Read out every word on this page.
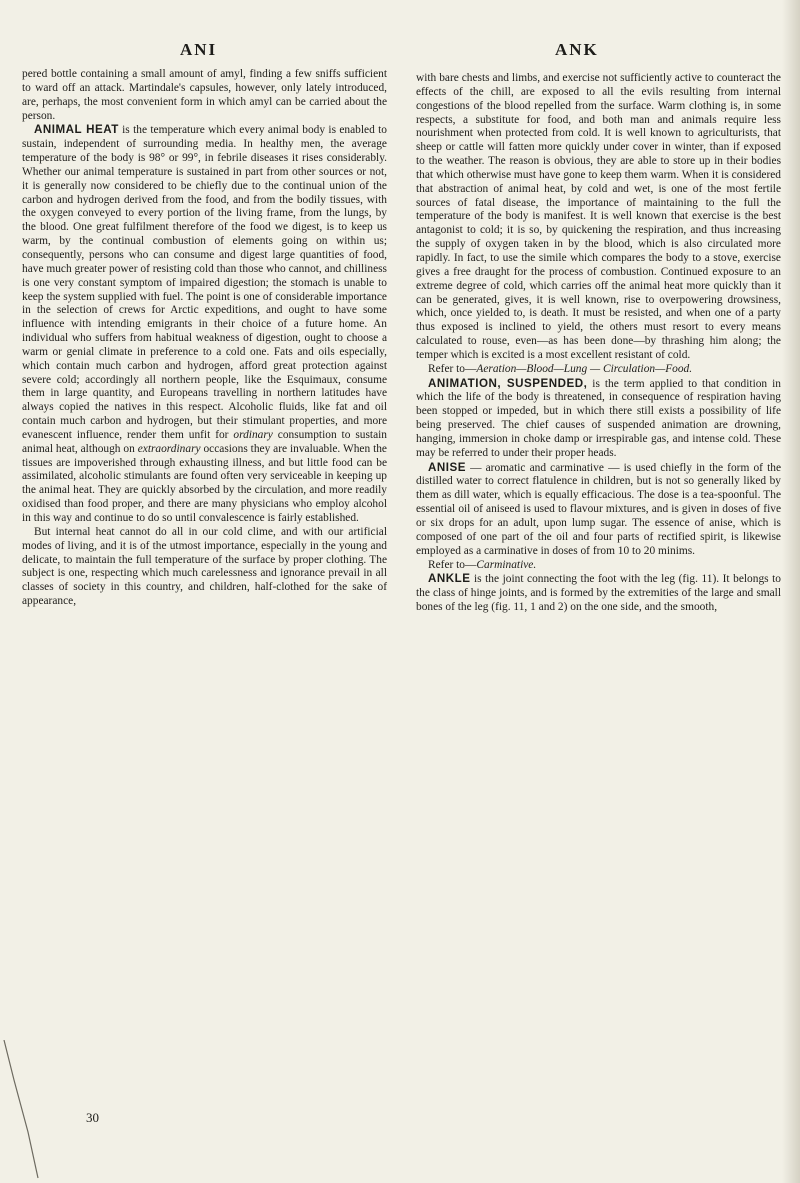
ANI	ANK

pered bottle containing a small amount of amyl, finding a few sniffs sufficient to ward off an attack. Martindale's capsules, however, only lately introduced, are, perhaps, the most convenient form in which amyl can be carried about the person.

ANIMAL HEAT is the temperature which every animal body is enabled to sustain, independent of surrounding media. In healthy men, the average temperature of the body is 98° or 99°, in febrile diseases it rises considerably. Whether our animal temperature is sustained in part from other sources or not, it is generally now considered to be chiefly due to the continual union of the carbon and hydrogen derived from the food, and from the bodily tissues, with the oxygen conveyed to every portion of the living frame, from the lungs, by the blood. One great fulfilment therefore of the food we digest, is to keep us warm, by the continual combustion of elements going on within us; consequently, persons who can consume and digest large quantities of food, have much greater power of resisting cold than those who cannot, and chilliness is one very constant symptom of impaired digestion; the stomach is unable to keep the system supplied with fuel. The point is one of considerable importance in the selection of crews for Arctic expeditions, and ought to have some influence with intending emigrants in their choice of a future home. An individual who suffers from habitual weakness of digestion, ought to choose a warm or genial climate in preference to a cold one. Fats and oils especially, which contain much carbon and hydrogen, afford great protection against severe cold; accordingly all northern people, like the Esquimaux, consume them in large quantity, and Europeans travelling in northern latitudes have always copied the natives in this respect. Alcoholic fluids, like fat and oil contain much carbon and hydrogen, but their stimulant properties, and more evanescent influence, render them unfit for ordinary consumption to sustain animal heat, although on extraordinary occasions they are invaluable. When the tissues are impoverished through exhausting illness, and but little food can be assimilated, alcoholic stimulants are found often very serviceable in keeping up the animal heat. They are quickly absorbed by the circulation, and more readily oxidised than food proper, and there are many physicians who employ alcohol in this way and continue to do so until convalescence is fairly established.

But internal heat cannot do all in our cold clime, and with our artificial modes of living, and it is of the utmost importance, especially in the young and delicate, to maintain the full temperature of the surface by proper clothing. The subject is one, respecting which much carelessness and ignorance prevail in all classes of society in this country, and children, half-clothed for the sake of appearance,

with bare chests and limbs, and exercise not sufficiently active to counteract the effects of the chill, are exposed to all the evils resulting from internal congestions of the blood repelled from the surface. Warm clothing is, in some respects, a substitute for food, and both man and animals require less nourishment when protected from cold. It is well known to agriculturists, that sheep or cattle will fatten more quickly under cover in winter, than if exposed to the weather. The reason is obvious, they are able to store up in their bodies that which otherwise must have gone to keep them warm. When it is considered that abstraction of animal heat, by cold and wet, is one of the most fertile sources of fatal disease, the importance of maintaining to the full the temperature of the body is manifest. It is well known that exercise is the best antagonist to cold; it is so, by quickening the respiration, and thus increasing the supply of oxygen taken in by the blood, which is also circulated more rapidly. In fact, to use the simile which compares the body to a stove, exercise gives a free draught for the process of combustion. Continued exposure to an extreme degree of cold, which carries off the animal heat more quickly than it can be generated, gives, it is well known, rise to overpowering drowsiness, which, once yielded to, is death. It must be resisted, and when one of a party thus exposed is inclined to yield, the others must resort to every means calculated to rouse, even—as has been done—by thrashing him along; the temper which is excited is a most excellent resistant of cold.

Refer to—Aeration—Blood—Lung — Circulation—Food.

ANIMATION, SUSPENDED, is the term applied to that condition in which the life of the body is threatened, in consequence of respiration having been stopped or impeded, but in which there still exists a possibility of life being preserved. The chief causes of suspended animation are drowning, hanging, immersion in choke damp or irrespirable gas, and intense cold. These may be referred to under their proper heads.

ANISE — aromatic and carminative — is used chiefly in the form of the distilled water to correct flatulence in children, but is not so generally liked by them as dill water, which is equally efficacious. The dose is a tea-spoonful. The essential oil of aniseed is used to flavour mixtures, and is given in doses of five or six drops for an adult, upon lump sugar. The essence of anise, which is composed of one part of the oil and four parts of rectified spirit, is likewise employed as a carminative in doses of from 10 to 20 minims.

Refer to—Carminative.

ANKLE is the joint connecting the foot with the leg (fig. 11). It belongs to the class of hinge joints, and is formed by the extremities of the large and small bones of the leg (fig. 11, 1 and 2) on the one side, and the smooth,

30
